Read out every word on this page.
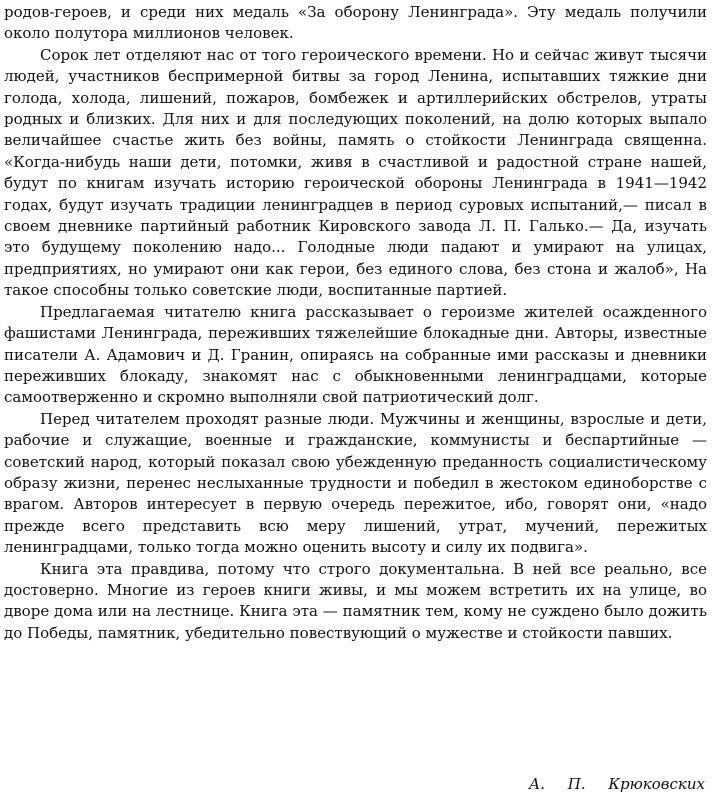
родов-героев, и среди них медаль «За оборону Ленинграда». Эту медаль получили около полутора миллионов человек.

Сорок лет отделяют нас от того героического времени. Но и сейчас живут тысячи людей, участников беспримерной битвы за город Ленина, испытавших тяжкие дни голода, холода, лишений, пожаров, бомбежек и артиллерийских обстрелов, утраты родных и близких. Для них и для последующих поколений, на долю которых выпало величайшее счастье жить без войны, память о стойкости Ленинграда священна. «Когда-нибудь наши дети, потомки, живя в счастливой и радостной стране нашей, будут по книгам изучать историю героической обороны Ленинграда в 1941—1942 годах, будут изучать традиции ленинградцев в период суровых испытаний,— писал в своем дневнике партийный работник Кировского завода Л. П. Галько.— Да, изучать это будущему поколению надо... Голодные люди падают и умирают на улицах, предприятиях, но умирают они как герои, без единого слова, без стона и жалоб», На такое способны только советские люди, воспитанные партией.

Предлагаемая читателю книга рассказывает о героизме жителей осажденного фашистами Ленинграда, переживших тяжелейшие блокадные дни. Авторы, известные писатели А. Адамович и Д. Гранин, опираясь на собранные ими рассказы и дневники переживших блокаду, знакомят нас с обыкновенными ленинградцами, которые самоотверженно и скромно выполняли свой патриотический долг.

Перед читателем проходят разные люди. Мужчины и женщины, взрослые и дети, рабочие и служащие, военные и гражданские, коммунисты и беспартийные — советский народ, который показал свою убежденную преданность социалистическому образу жизни, перенес неслыханные трудности и победил в жестоком единоборстве с врагом. Авторов интересует в первую очередь пережитое, ибо, говорят они, «надо прежде всего представить всю меру лишений, утрат, мучений, пережитых ленинградцами, только тогда можно оценить высоту и силу их подвига».

Книга эта правдива, потому что строго документальна. В ней все реально, все достоверно. Многие из героев книги живы, и мы можем встретить их на улице, во дворе дома или на лестнице. Книга эта — памятник тем, кому не суждено было дожить до Победы, памятник, убедительно повествующий о мужестве и стойкости павших.

А. П. Крюковских
